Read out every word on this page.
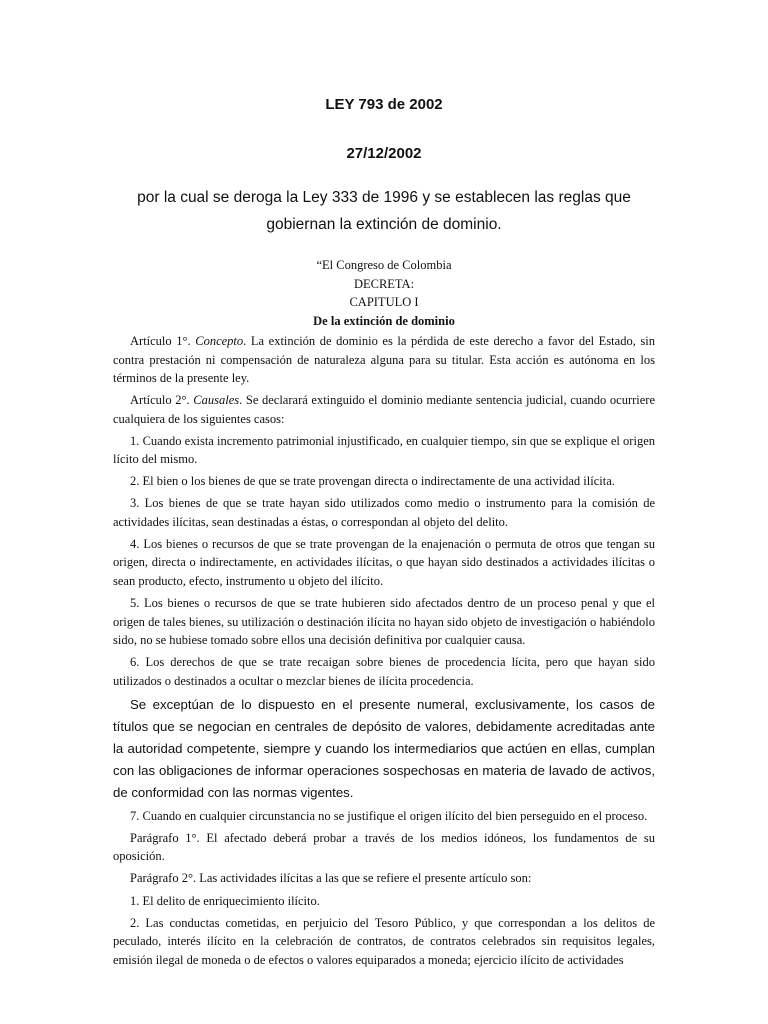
LEY 793 de 2002
27/12/2002
por la cual se deroga la Ley 333 de 1996 y se establecen las reglas que gobiernan la extinción de dominio.
“El Congreso de Colombia
DECRETA:
CAPITULO I
De la extinción de dominio

Artículo 1°. Concepto. La extinción de dominio es la pérdida de este derecho a favor del Estado, sin contra prestación ni compensación de naturaleza alguna para su titular. Esta acción es autónoma en los términos de la presente ley.

Artículo 2°. Causales. Se declarará extinguido el dominio mediante sentencia judicial, cuando ocurriere cualquiera de los siguientes casos:

1. Cuando exista incremento patrimonial injustificado, en cualquier tiempo, sin que se explique el origen lícito del mismo.

2. El bien o los bienes de que se trate provengan directa o indirectamente de una actividad ilícita.

3. Los bienes de que se trate hayan sido utilizados como medio o instrumento para la comisión de actividades ilícitas, sean destinadas a éstas, o correspondan al objeto del delito.

4. Los bienes o recursos de que se trate provengan de la enajenación o permuta de otros que tengan su origen, directa o indirectamente, en actividades ilícitas, o que hayan sido destinados a actividades ilícitas o sean producto, efecto, instrumento u objeto del ilícito.

5. Los bienes o recursos de que se trate hubieren sido afectados dentro de un proceso penal y que el origen de tales bienes, su utilización o destinación ilícita no hayan sido objeto de investigación o habiéndolo sido, no se hubiese tomado sobre ellos una decisión definitiva por cualquier causa.

6. Los derechos de que se trate recaigan sobre bienes de procedencia lícita, pero que hayan sido utilizados o destinados a ocultar o mezclar bienes de ilícita procedencia.

Se exceptúan de lo dispuesto en el presente numeral, exclusivamente, los casos de títulos que se negocian en centrales de depósito de valores, debidamente acreditadas ante la autoridad competente, siempre y cuando los intermediarios que actúen en ellas, cumplan con las obligaciones de informar operaciones sospechosas en materia de lavado de activos, de conformidad con las normas vigentes.

7. Cuando en cualquier circunstancia no se justifique el origen ilícito del bien perseguido en el proceso.

Parágrafo 1°. El afectado deberá probar a través de los medios idóneos, los fundamentos de su oposición.

Parágrafo 2°. Las actividades ilícitas a las que se refiere el presente artículo son:

1. El delito de enriquecimiento ilícito.

2. Las conductas cometidas, en perjuicio del Tesoro Público, y que correspondan a los delitos de peculado, interés ilícito en la celebración de contratos, de contratos celebrados sin requisitos legales, emisión ilegal de moneda o de efectos o valores equiparados a moneda; ejercicio ilícito de actividades
